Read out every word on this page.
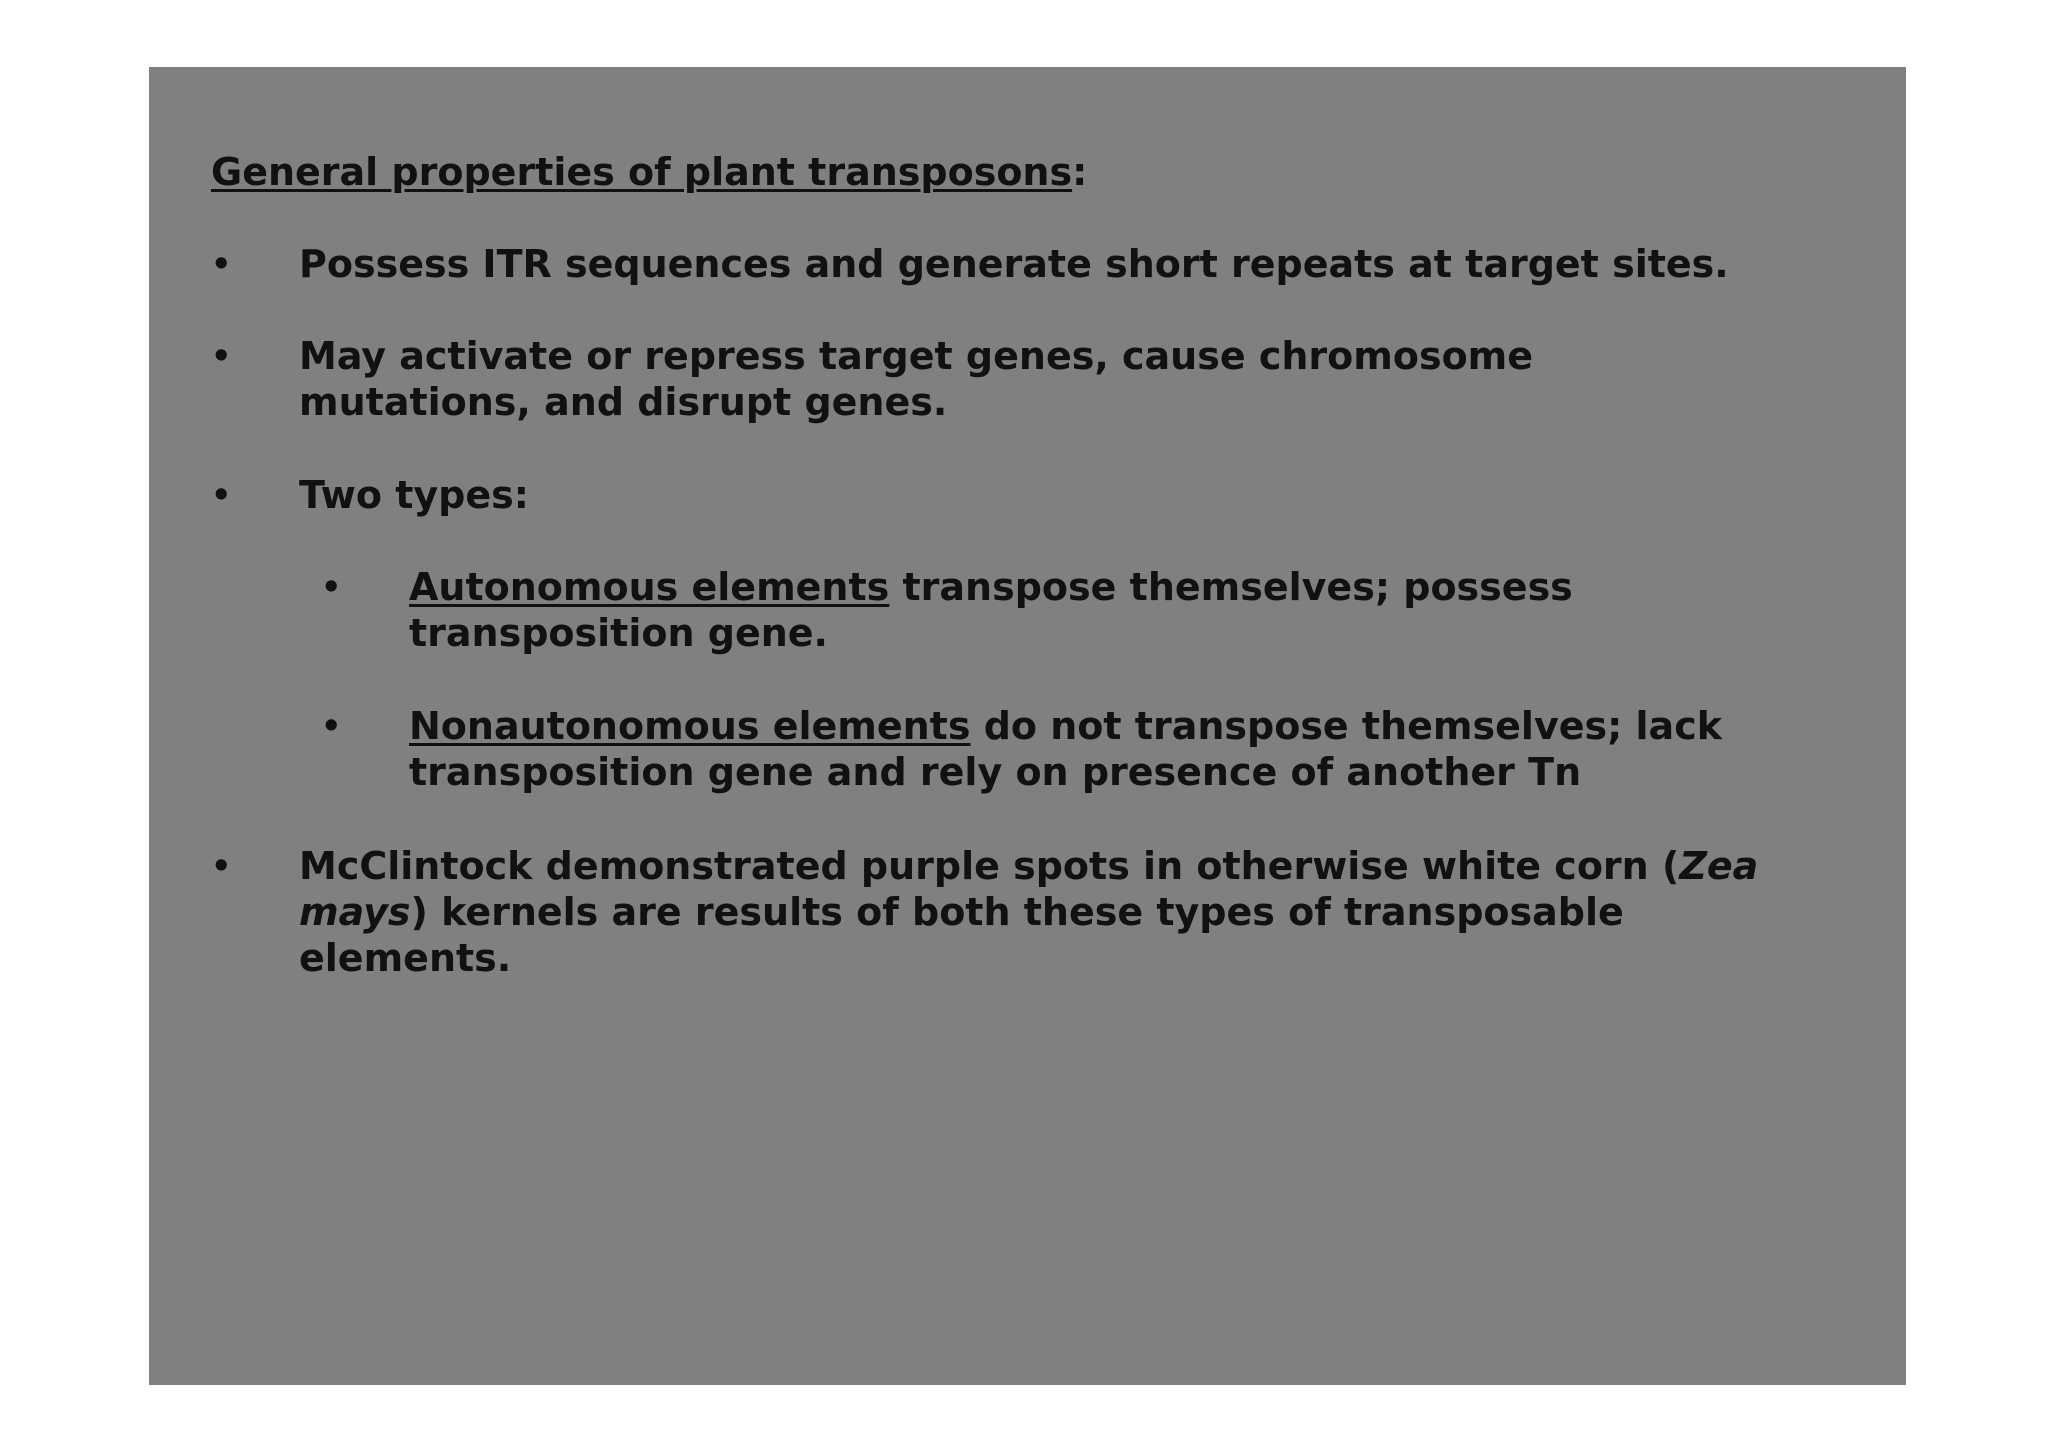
General properties of plant transposons:

• Possess ITR sequences and generate short repeats at target sites.
• May activate or repress target genes, cause chromosome
mutations, and disrupt genes.
• Two types:
• Autonomous elements transpose themselves; possess
transposition gene.
• Nonautonomous elements do not transpose themselves; lack
transposition gene and rely on presence of another Tn
• McClintock demonstrated purple spots in otherwise white corn (Zea
mays) kernels are results of both these types of transposable
elements.
